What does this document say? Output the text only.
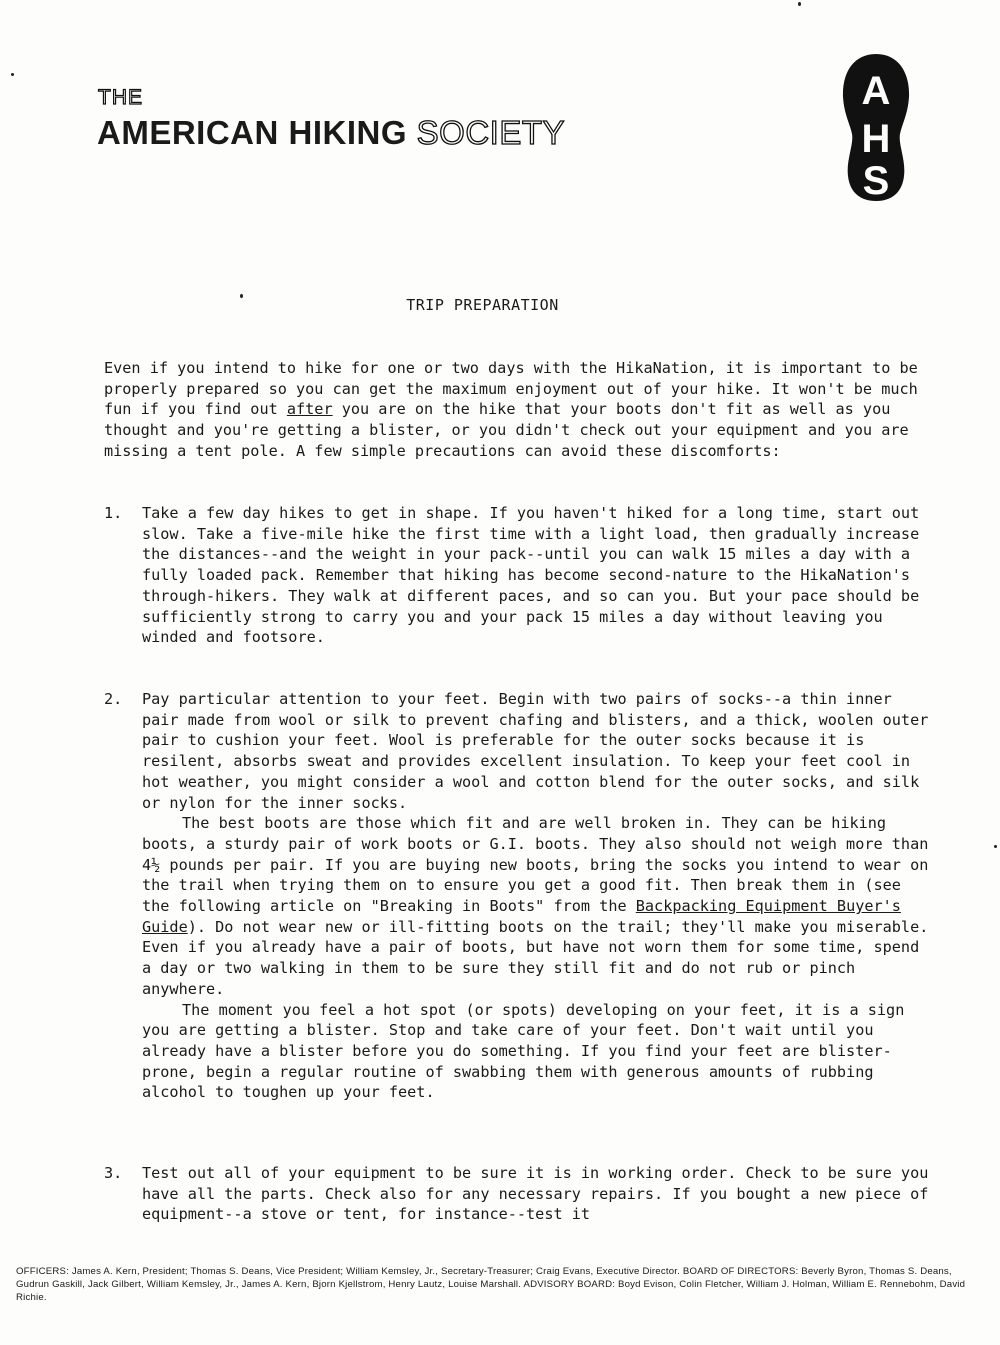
THE
AMERICAN HIKING SOCIETY
A
H
S
TRIP PREPARATION
Even if you intend to hike for one or two days with the HikaNation, it is important to be properly prepared so you can get the maximum enjoyment out of your hike. It won't be much fun if you find out after you are on the hike that your boots don't fit as well as you thought and you're getting a blister, or you didn't check out your equipment and you are missing a tent pole. A few simple precautions can avoid these discomforts:
1. Take a few day hikes to get in shape. If you haven't hiked for a long time, start out slow. Take a five-mile hike the first time with a light load, then gradually increase the distances--and the weight in your pack--until you can walk 15 miles a day with a fully loaded pack. Remember that hiking has become second-nature to the HikaNation's through-hikers. They walk at different paces, and so can you. But your pace should be sufficiently strong to carry you and your pack 15 miles a day without leaving you winded and footsore.

2. Pay particular attention to your feet. Begin with two pairs of socks--a thin inner pair made from wool or silk to prevent chafing and blisters, and a thick, woolen outer pair to cushion your feet. Wool is preferable for the outer socks because it is resilent, absorbs sweat and provides excellent insulation. To keep your feet cool in hot weather, you might consider a wool and cotton blend for the outer socks, and silk or nylon for the inner socks.

The best boots are those which fit and are well broken in. They can be hiking boots, a sturdy pair of work boots or G.I. boots. They also should not weigh more than 4½ pounds per pair. If you are buying new boots, bring the socks you intend to wear on the trail when trying them on to ensure you get a good fit. Then break them in (see the following article on "Breaking in Boots" from the Backpacking Equipment Buyer's Guide). Do not wear new or ill-fitting boots on the trail; they'll make you miserable. Even if you already have a pair of boots, but have not worn them for some time, spend a day or two walking in them to be sure they still fit and do not rub or pinch anywhere.

The moment you feel a hot spot (or spots) developing on your feet, it is a sign you are getting a blister. Stop and take care of your feet. Don't wait until you already have a blister before you do something. If you find your feet are blister-prone, begin a regular routine of swabbing them with generous amounts of rubbing alcohol to toughen up your feet.

3. Test out all of your equipment to be sure it is in working order. Check to be sure you have all the parts. Check also for any necessary repairs. If you bought a new piece of equipment--a stove or tent, for instance--test it

OFFICERS: James A. Kern, President; Thomas S. Deans, Vice President; William Kemsley, Jr., Secretary-Treasurer; Craig Evans, Executive Director. BOARD OF DIRECTORS: Beverly Byron, Thomas S. Deans, Gudrun Gaskill, Jack Gilbert, William Kemsley, Jr., James A. Kern, Bjorn Kjellstrom, Henry Lautz, Louise Marshall. ADVISORY BOARD: Boyd Evison, Colin Fletcher, William J. Holman, William E. Rennebohm, David Richie.
